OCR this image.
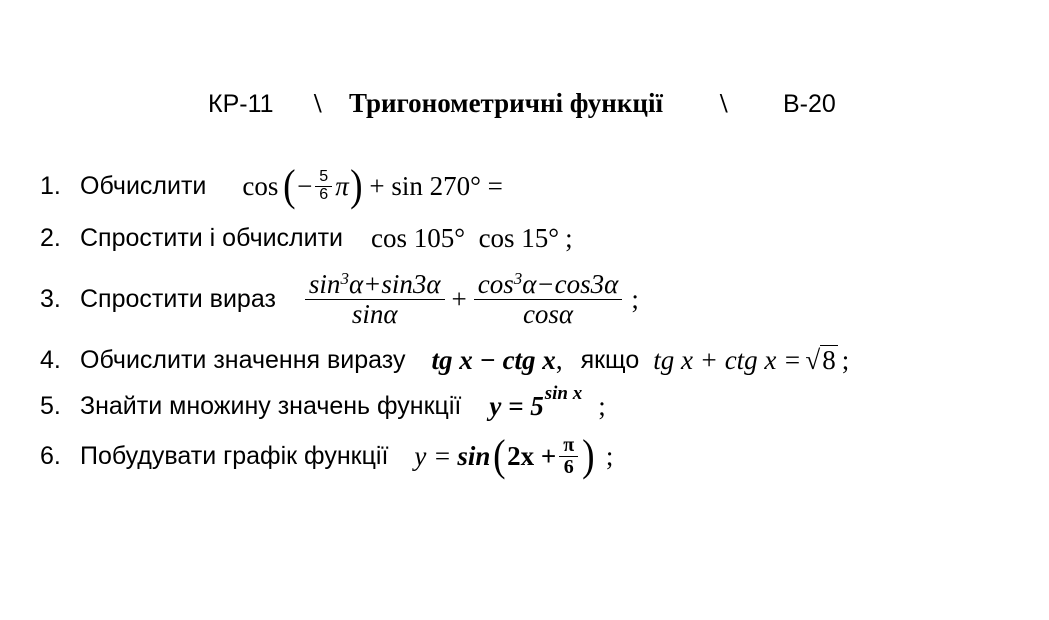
КР-11 \ Тригонометричні функції \ В-20
1. Обчислити cos ( − $\frac{5}{6}$ π ) + sin 270° =
2. Спростити і обчислити cos 105°  cos 15° ;
3. Спростити вираз $\frac{\sin^3\alpha+\sin 3\alpha}{\sin\alpha} + \frac{\cos^3\alpha-\cos 3\alpha}{\cos\alpha}$ ;
4. Обчислити значення виразу tg x − ctg x , якщо tg x + ctg x = √ 8 ;
5. Знайти множину значень функції y = 5 sin x ;
6. Побудувати графік функції y = sin ( $2x + \frac{\pi}{6}$ ) ;
